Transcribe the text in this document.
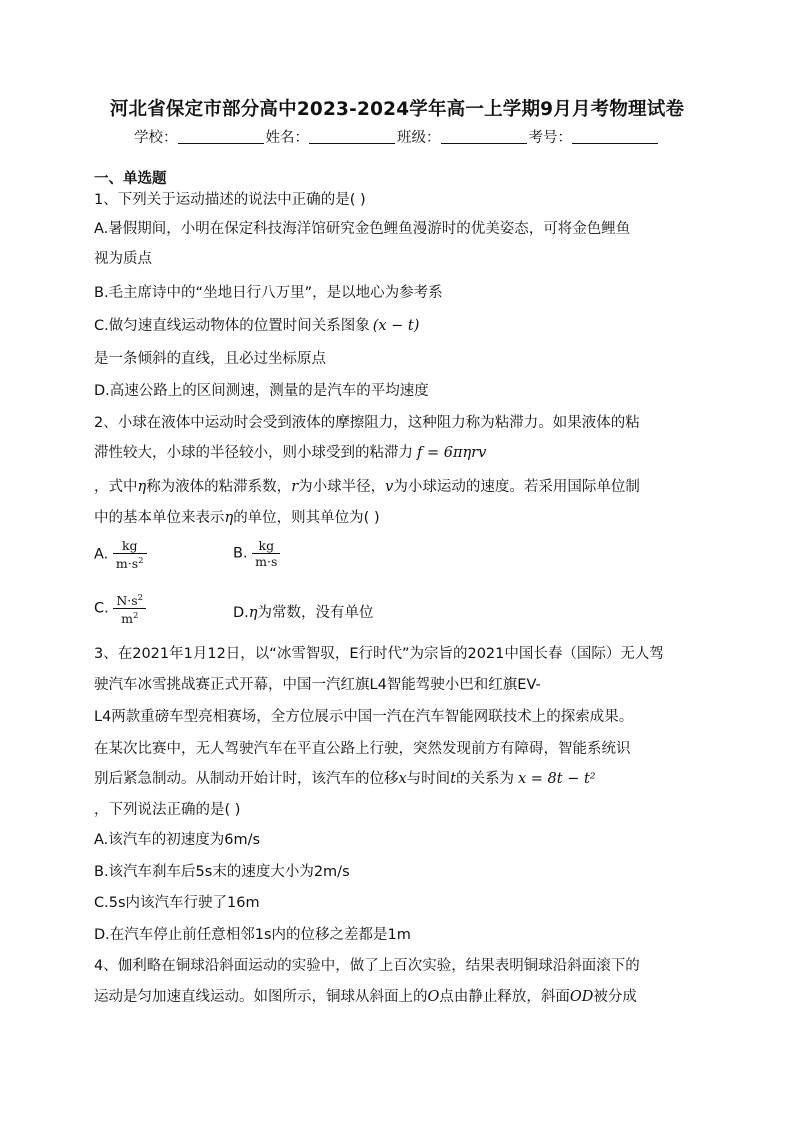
河北省保定市部分高中2023-2024学年高一上学期9月月考物理试卷
学校：	姓名：	班级：	考号：
一、单选题
1、下列关于运动描述的说法中正确的是( )
A.暑假期间，小明在保定科技海洋馆研究金色鲤鱼漫游时的优美姿态，可将金色鲤鱼
视为质点
B.毛主席诗中的“坐地日行八万里”，是以地心为参考系
C.做匀速直线运动物体的位置时间关系图象 (x − t)
是一条倾斜的直线，且必过坐标原点
D.高速公路上的区间测速，测量的是汽车的平均速度
2、小球在液体中运动时会受到液体的摩擦阻力，这种阻力称为粘滞力。如果液体的粘
滞性较大，小球的半径较小，则小球受到的粘滞力 f = 6πηrv
，式中η称为液体的粘滞系数，r为小球半径，v为小球运动的速度。若采用国际单位制
中的基本单位来表示η的单位，则其单位为( )
A. $\frac{kg}{m\cdot s^2}$	B. $\frac{kg}{m\cdot s}$
C. $\frac{N\cdot s^2}{m^2}$	D.η为常数，没有单位
3、在2021年1月12日，以“冰雪智驭，E行时代”为宗旨的2021中国长春（国际）无人驾
驶汽车冰雪挑战赛正式开幕，中国一汽红旗L4智能驾驶小巴和红旗EV-
L4两款重磅车型亮相赛场，全方位展示中国一汽在汽车智能网联技术上的探索成果。
在某次比赛中，无人驾驶汽车在平直公路上行驶，突然发现前方有障碍，智能系统识
别后紧急制动。从制动开始计时，该汽车的位移x与时间t的关系为 x = 8t − t²
，下列说法正确的是( )
A.该汽车的初速度为6m/s
B.该汽车刹车后5s末的速度大小为2m/s
C.5s内该汽车行驶了16m
D.在汽车停止前任意相邻1s内的位移之差都是1m
4、伽利略在铜球沿斜面运动的实验中，做了上百次实验，结果表明铜球沿斜面滚下的
运动是匀加速直线运动。如图所示，铜球从斜面上的O点由静止释放，斜面OD被分成
